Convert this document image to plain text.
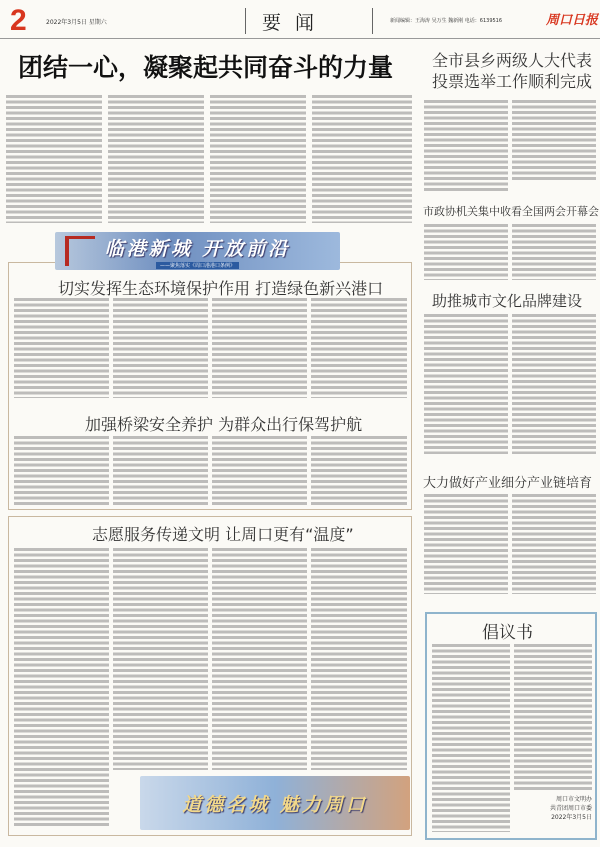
2	2022年3月5日 星期六	要闻	新闻编辑：王海涛 吴万生 魏新刚 电话：6139516	周口日报
团结一心，凝聚起共同奋斗的力量
临港新城 开放前沿
——聚焦落实《周口港港口条例》
切实发挥生态环境保护作用 打造绿色新兴港口
加强桥梁安全养护 为群众出行保驾护航
志愿服务传递文明 让周口更有“温度”
道德名城 魅力周口
全市县乡两级人大代表
投票选举工作顺利完成
市政协机关集中收看全国两会开幕会
助推城市文化品牌建设
大力做好产业细分产业链培育
倡议书
周口市文明办
共青团周口市委
2022年3月5日
